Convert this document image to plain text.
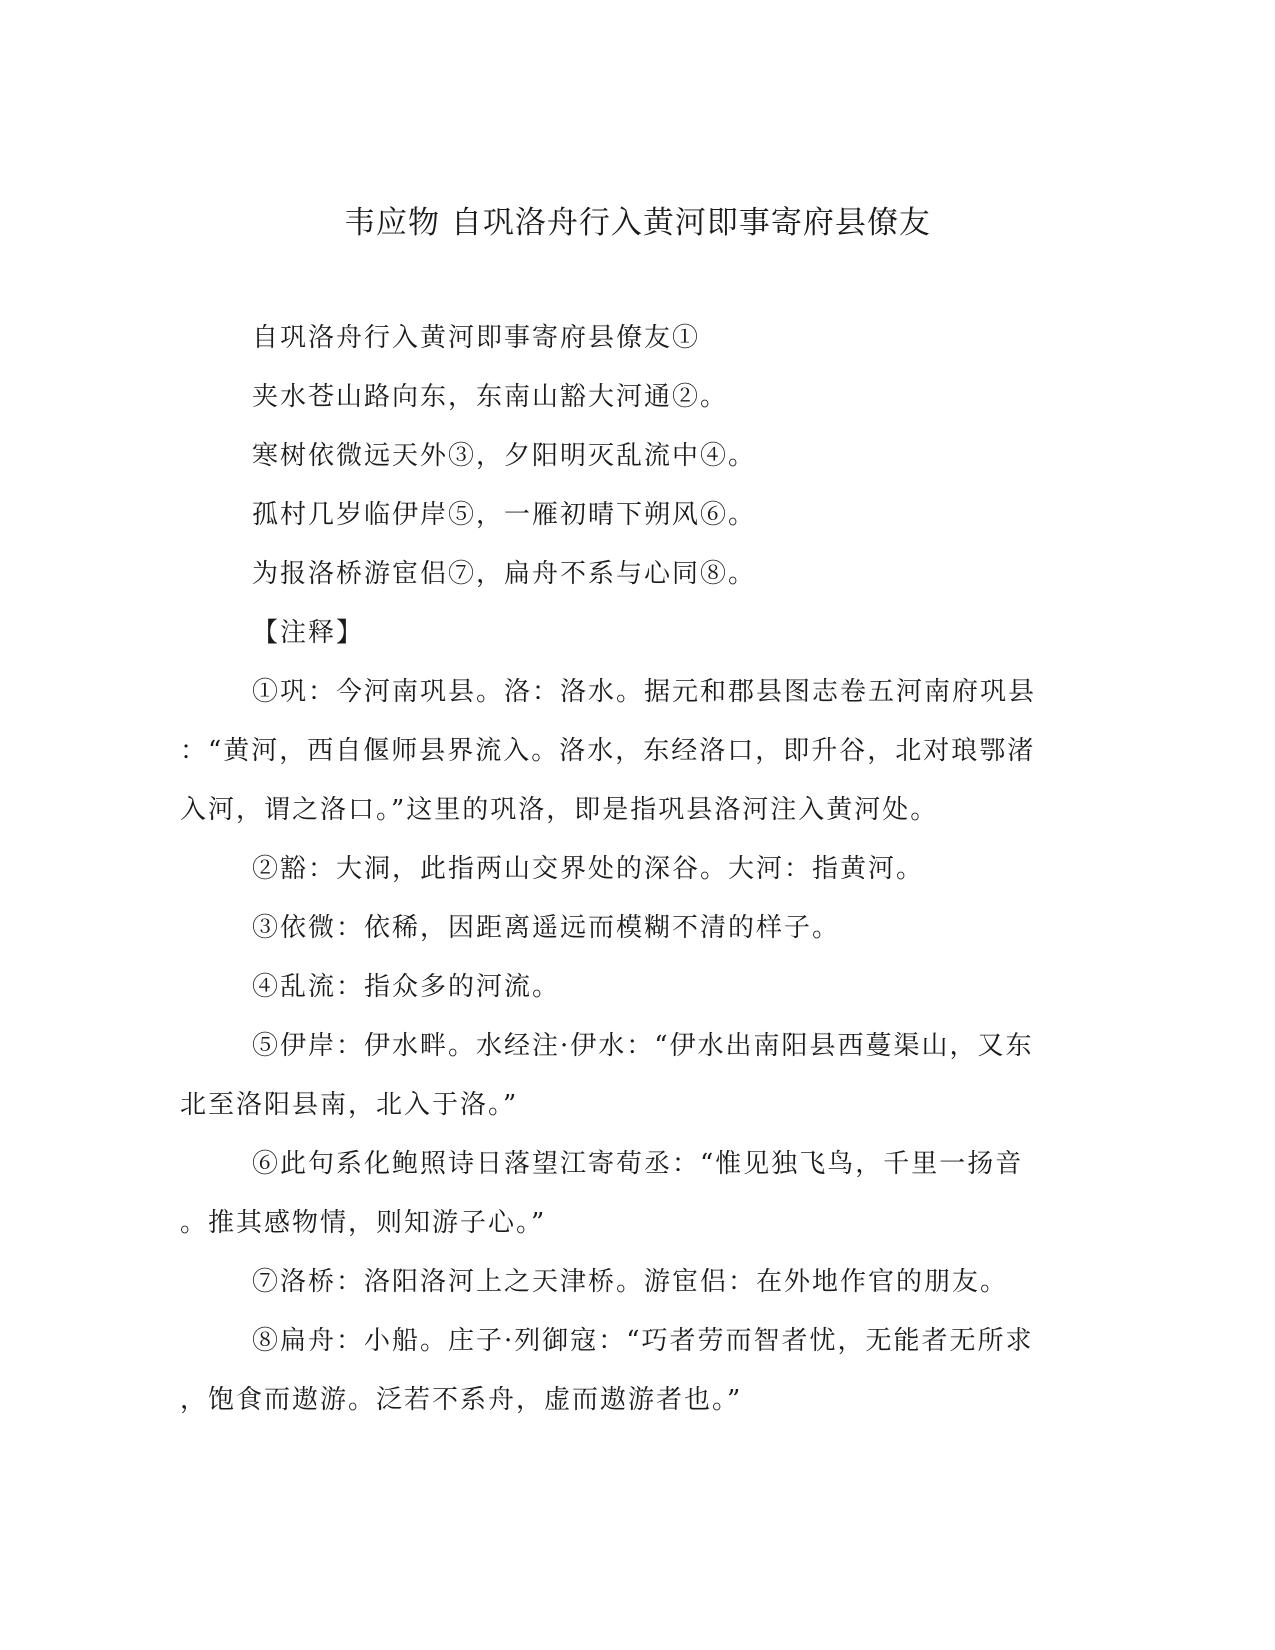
韦应物 自巩洛舟行入黄河即事寄府县僚友

自巩洛舟行入黄河即事寄府县僚友①

夹水苍山路向东，东南山豁大河通②。

寒树依微远天外③，夕阳明灭乱流中④。

孤村几岁临伊岸⑤，一雁初晴下朔风⑥。

为报洛桥游宦侣⑦，扁舟不系与心同⑧。

【注释】

①巩：今河南巩县。洛：洛水。据元和郡县图志卷五河南府巩县

：“黄河，西自偃师县界流入。洛水，东经洛口，即升谷，北对琅鄂渚

入河，谓之洛口。”这里的巩洛，即是指巩县洛河注入黄河处。

②豁：大洞，此指两山交界处的深谷。大河：指黄河。

③依微：依稀，因距离遥远而模糊不清的样子。

④乱流：指众多的河流。

⑤伊岸：伊水畔。水经注·伊水：“伊水出南阳县西蔓渠山，又东

北至洛阳县南，北入于洛。”

⑥此句系化鲍照诗日落望江寄荀丞：“惟见独飞鸟，千里一扬音

。推其感物情，则知游子心。”

⑦洛桥：洛阳洛河上之天津桥。游宦侣：在外地作官的朋友。

⑧扁舟：小船。庄子·列御寇：“巧者劳而智者忧，无能者无所求

，饱食而遨游。泛若不系舟，虚而遨游者也。”
